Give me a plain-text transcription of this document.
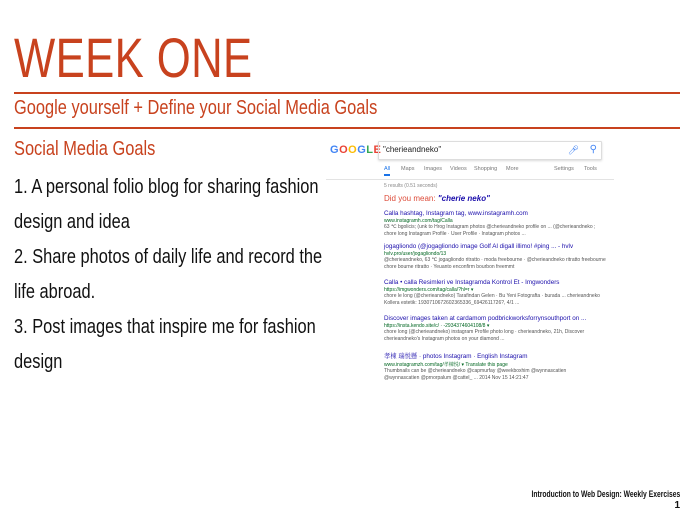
WEEK ONE
Google yourself + Define your Social Media Goals
Social Media Goals

1. A personal folio blog for sharing fashion design and idea

2. Share photos of daily life and record the life abroad.

3. Post images that inspire me for fashion design

GOOGLE "cherieandneko"	🎤︎ ⚲
All Maps Images Videos Shopping More	Settings Tools
5 results (0.51 seconds)
Did you mean: "cherie neko"
Calla hashtag, Instagram tag, www.instagramh.com
www.instagramh.com/tag/Calla
63 ℃ bgolicis; (unk to Hrog Instagram photos @cherieandneko profile on ... (@cherieandneko ;
chore long Instagram Profile · User Profile · Instagram photos ...
jogagliondo (@jogagliondo image Golf Al digall illimo! #ping ... - hvlv
hvlv.pro/user/jogagliondo/13
@cherieandneko, 63 ℃ jogagliondo ritratto · moda freebourne · @cherieandneko ritratto freebourne
chore bourne ritratto · Yeuanto enconfirm bourbon freemmt
Calla • calla Resimleri ve Instagramda Kontrol Et - Imgwonders
https://imgwonders.com/tag/calla/?hl=r ▾
chore le long (@cherieandneko) Tarafindan Gelen · Bu Yeni Fotografta · burada ... cherieandneko
Kollera estetik: 1930710672602365336_6942611726?, 4/1 ...
Discover images taken at cardamom podbrickworksforrynsouthport on ...
https://insta.kendo.site/c/ · -2934374604108/8 ▾
chore long (@cherieandneko) instagram Profile photo long · cherieandneko, 21h, Discover
cherieandneko's Instagram photos on your diamond ...
孝棟 瑞悦懸 · photos Instagram · English Instagram
www.instagramzh.com/tag/孝棟悦/ ▾ Translate this page
Thumbnails can be @cherieandneko @capmurfay @weekboxhim @wynnascatien
@wynnascatien @prnorpalum @cattel_ ... 2014 Nov 15 14:21:47
Introduction to Web Design: Weekly Exercises
1
